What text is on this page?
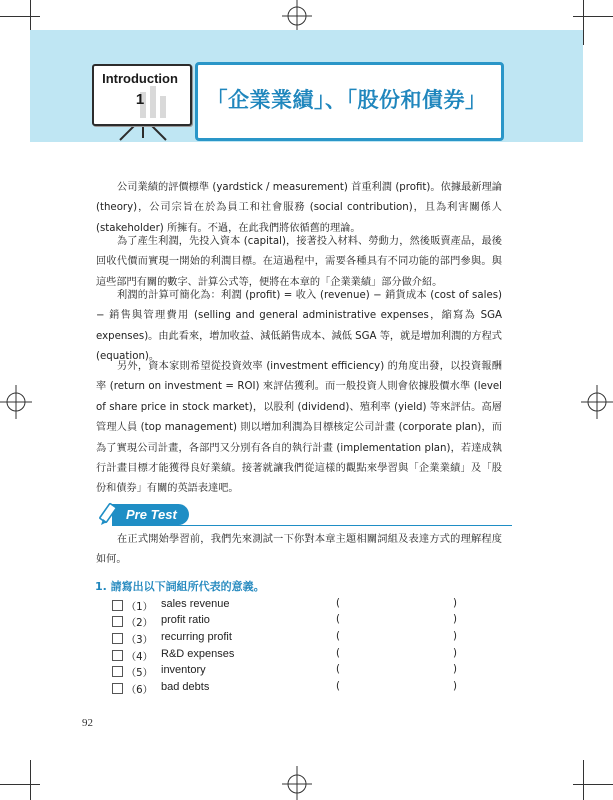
Introduction
1	「企業業績」、「股份和債券」

公司業績的評價標準 (yardstick / measurement) 首重利潤 (profit)。依據最新理論 (theory)，公司宗旨在於為員工和社會服務 (social contribution)，且為利害關係人 (stakeholder) 所擁有。不過，在此我們將依循舊的理論。

為了產生利潤，先投入資本 (capital)，接著投入材料、勞動力，然後販賣產品，最後回收代價而實現一開始的利潤目標。在這過程中，需要各種具有不同功能的部門參與。與這些部門有關的數字、計算公式等，便將在本章的「企業業績」部分做介紹。

利潤的計算可簡化為：利潤 (profit) = 收入 (revenue) − 銷貨成本 (cost of sales) − 銷售與管理費用 (selling and general administrative expenses，縮寫為 SGA expenses)。由此看來，增加收益、減低銷售成本、減低 SGA 等，就是增加利潤的方程式 (equation)。

另外，資本家則希望從投資效率 (investment efficiency) 的角度出發，以投資報酬率 (return on investment = ROI) 來評估獲利。而一般投資人則會依據股價水準 (level of share price in stock market)，以股利 (dividend)、殖利率 (yield) 等來評估。高層管理人員 (top management) 則以增加利潤為目標核定公司計畫 (corporate plan)，而為了實現公司計畫，各部門又分別有各自的執行計畫 (implementation plan)，若達成執行計畫目標才能獲得良好業績。接著就讓我們從這樣的觀點來學習與「企業業績」及「股份和債券」有關的英語表達吧。

Pre Test

在正式開始學習前，我們先來測試一下你對本章主題相關詞組及表達方式的理解程度如何。

1. 請寫出以下詞組所代表的意義。
（1） sales revenue	(	)
（2） profit ratio	(	)
（3） recurring profit	(	)
（4） R&D expenses	(	)
（5） inventory	(	)
（6） bad debts	(	)
92
